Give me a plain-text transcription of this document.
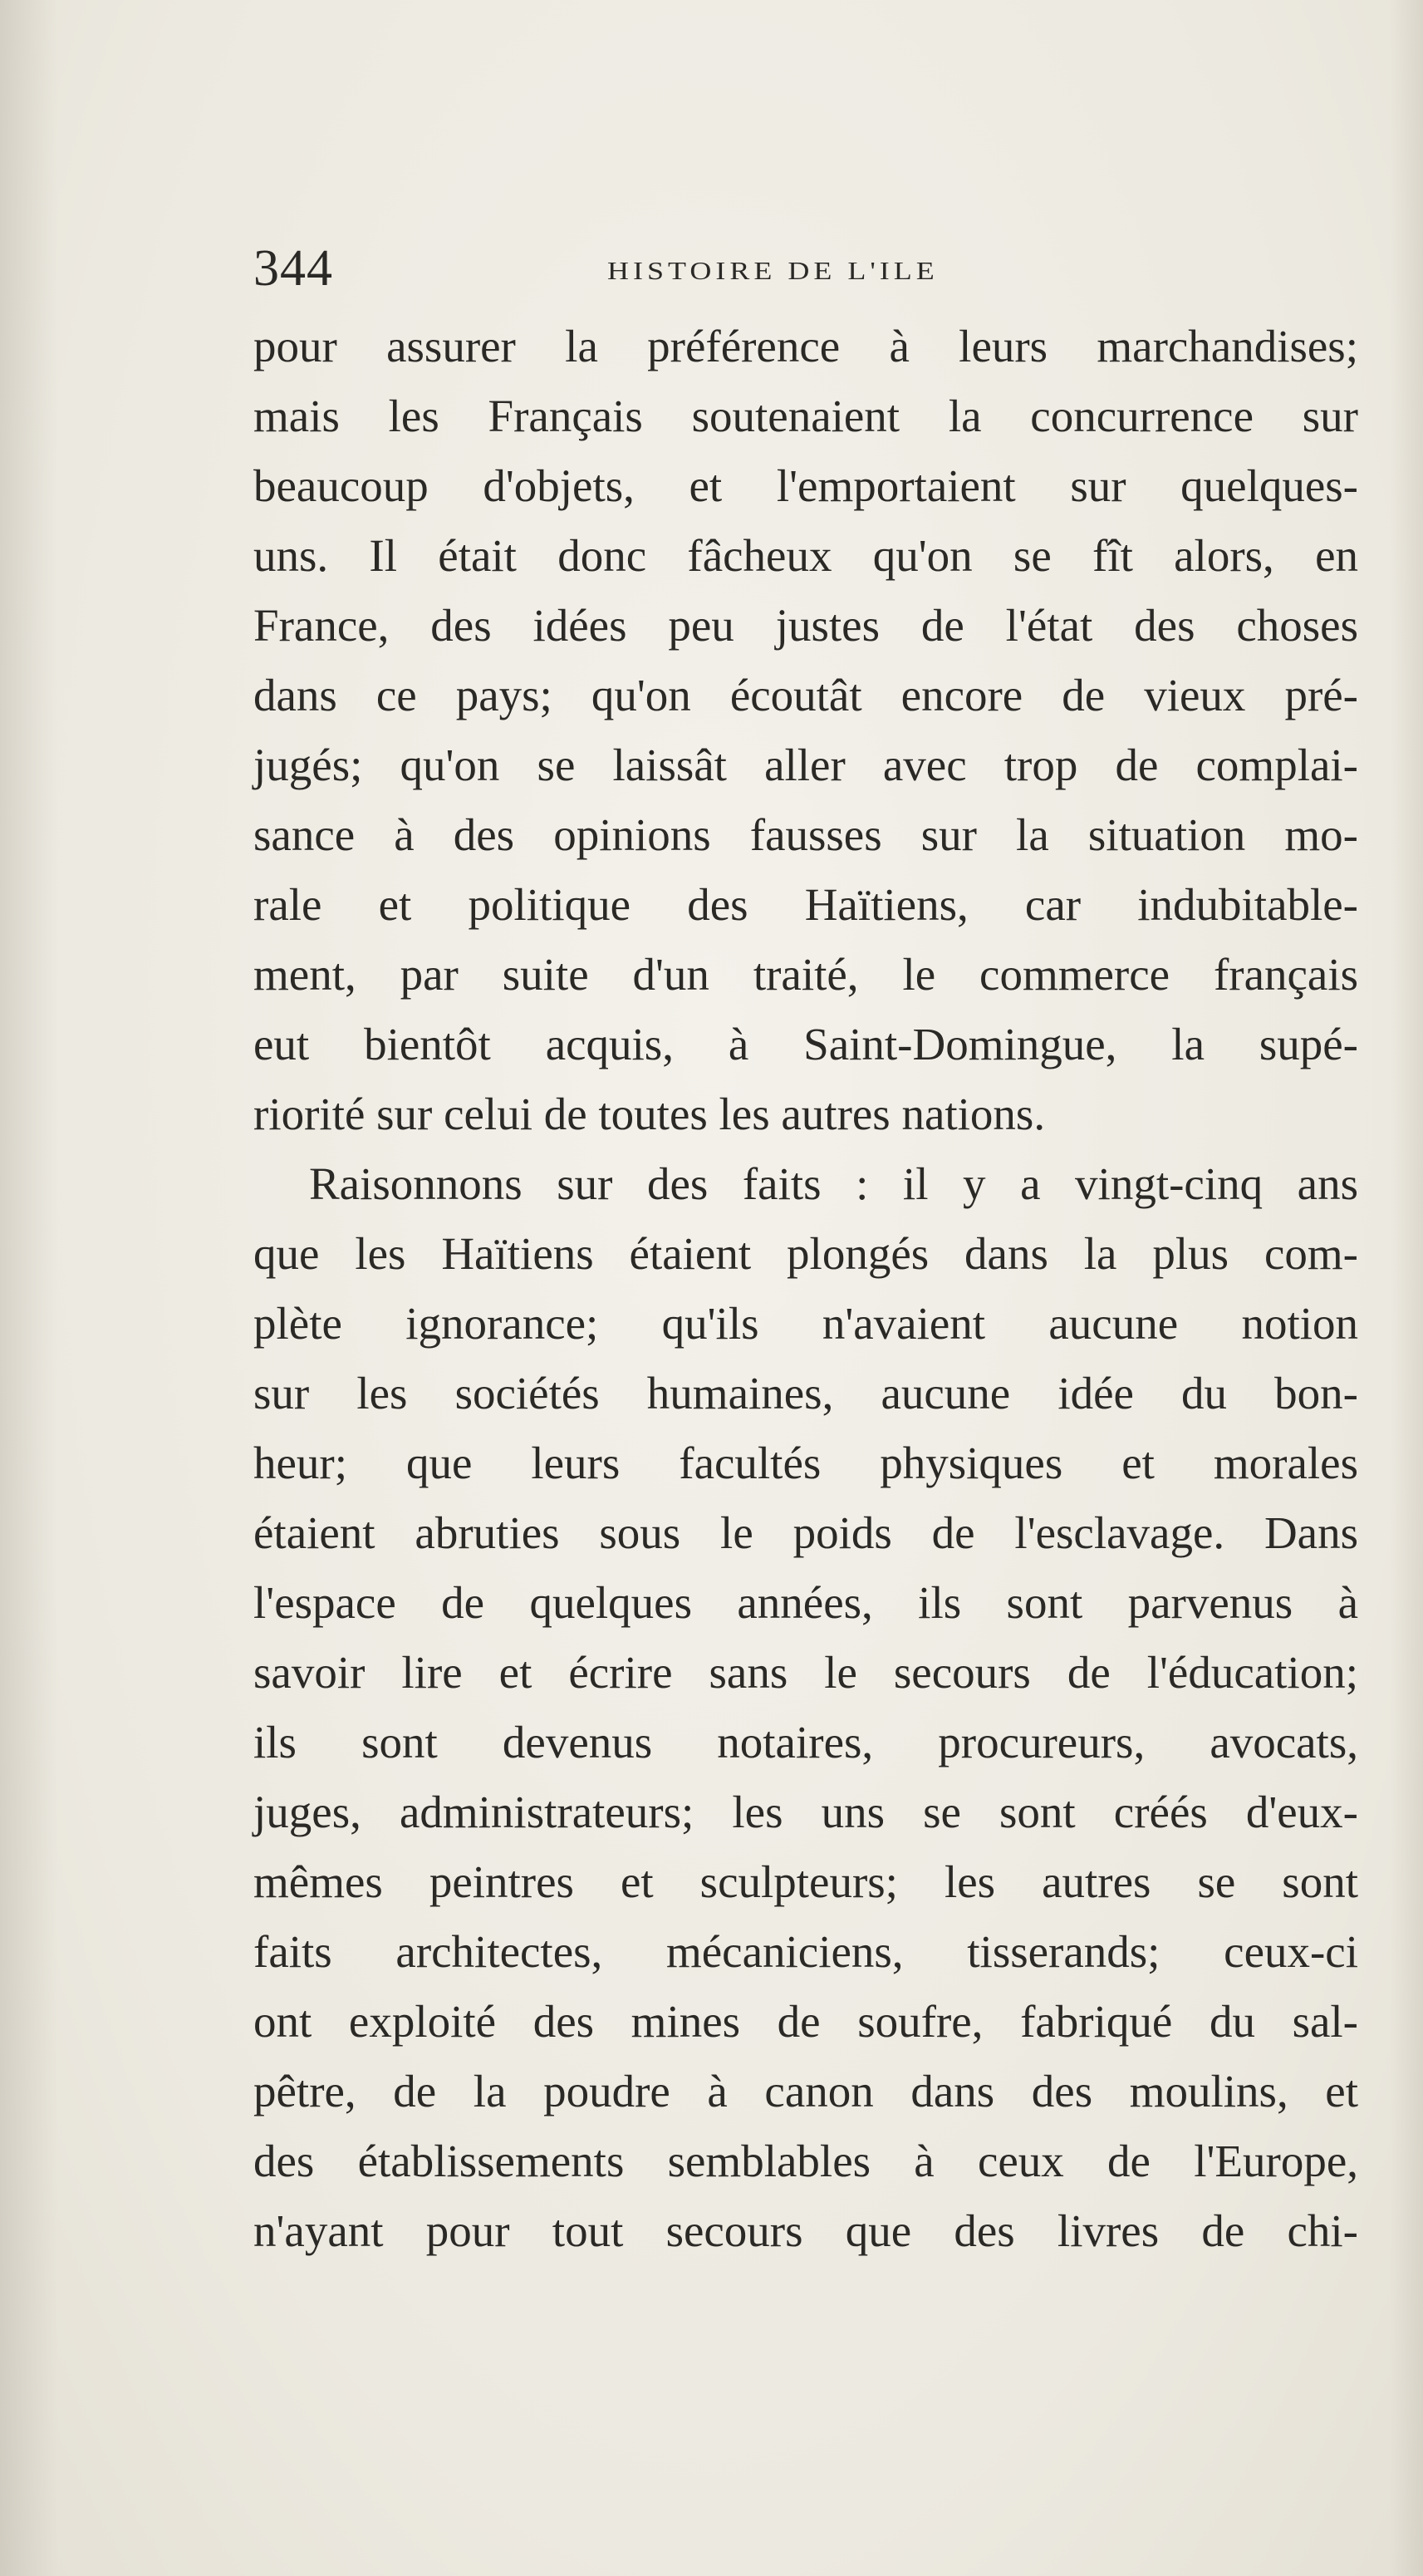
344	HISTOIRE DE L'ILE
pour assurer la préférence à leurs marchandises;
mais les Français soutenaient la concurrence sur
beaucoup d'objets, et l'emportaient sur quelques-
uns. Il était donc fâcheux qu'on se fît alors, en
France, des idées peu justes de l'état des choses
dans ce pays; qu'on écoutât encore de vieux pré-
jugés; qu'on se laissât aller avec trop de complai-
sance à des opinions fausses sur la situation mo-
rale et politique des Haïtiens, car indubitable-
ment, par suite d'un traité, le commerce français
eut bientôt acquis, à Saint-Domingue, la supé-
riorité sur celui de toutes les autres nations.
Raisonnons sur des faits : il y a vingt-cinq ans
que les Haïtiens étaient plongés dans la plus com-
plète ignorance; qu'ils n'avaient aucune notion
sur les sociétés humaines, aucune idée du bon-
heur; que leurs facultés physiques et morales
étaient abruties sous le poids de l'esclavage. Dans
l'espace de quelques années, ils sont parvenus à
savoir lire et écrire sans le secours de l'éducation;
ils sont devenus notaires, procureurs, avocats,
juges, administrateurs; les uns se sont créés d'eux-
mêmes peintres et sculpteurs; les autres se sont
faits architectes, mécaniciens, tisserands; ceux-ci
ont exploité des mines de soufre, fabriqué du sal-
pêtre, de la poudre à canon dans des moulins, et
des établissements semblables à ceux de l'Europe,
n'ayant pour tout secours que des livres de chi-
